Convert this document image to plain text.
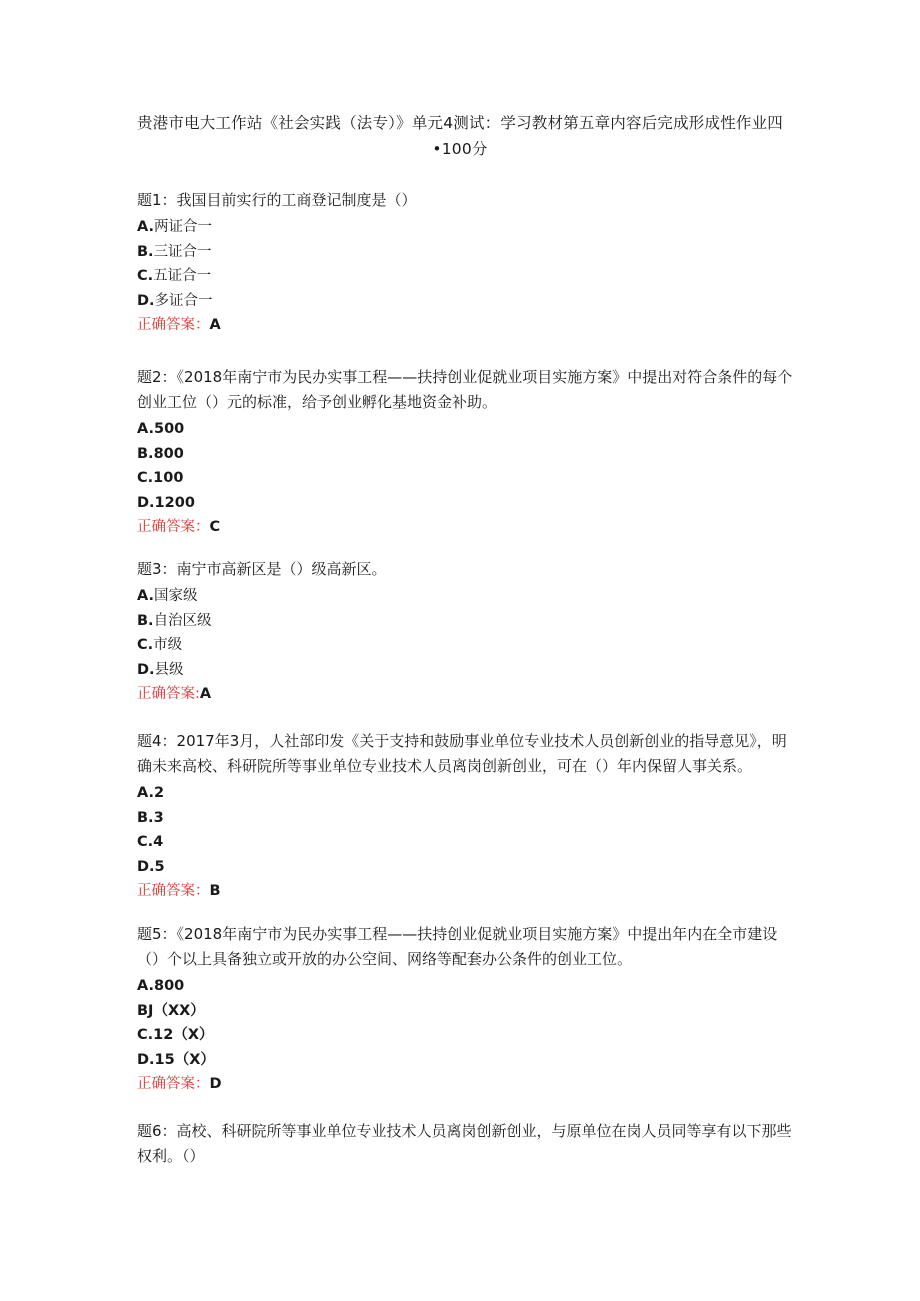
贵港市电大工作站《社会实践（法专）》单元4测试：学习教材第五章内容后完成形成性作业四
•100分

题1：我国目前实行的工商登记制度是（）

A.两证合一

B.三证合一

C.五证合一

D.多证合一

正确答案：A

题2：《2018年南宁市为民办实事工程——扶持创业促就业项目实施方案》中提出对符合条件的每个创业工位（）元的标准，给予创业孵化基地资金补助。

A.500

B.800

C.100

D.1200

正确答案：C

题3：南宁市高新区是（）级高新区。

A.国家级

B.自治区级

C.市级

D.县级

正确答案:A

题4：2017年3月，人社部印发《关于支持和鼓励事业单位专业技术人员创新创业的指导意见》，明确未来高校、科研院所等事业单位专业技术人员离岗创新创业，可在（）年内保留人事关系。

A.2

B.3

C.4

D.5

正确答案：B

题5：《2018年南宁市为民办实事工程——扶持创业促就业项目实施方案》中提出年内在全市建设（）个以上具备独立或开放的办公空间、网络等配套办公条件的创业工位。

A.800

BJ（XX）

C.12（X）

D.15（X）

正确答案：D

题6：高校、科研院所等事业单位专业技术人员离岗创新创业，与原单位在岗人员同等享有以下那些权利。（）
